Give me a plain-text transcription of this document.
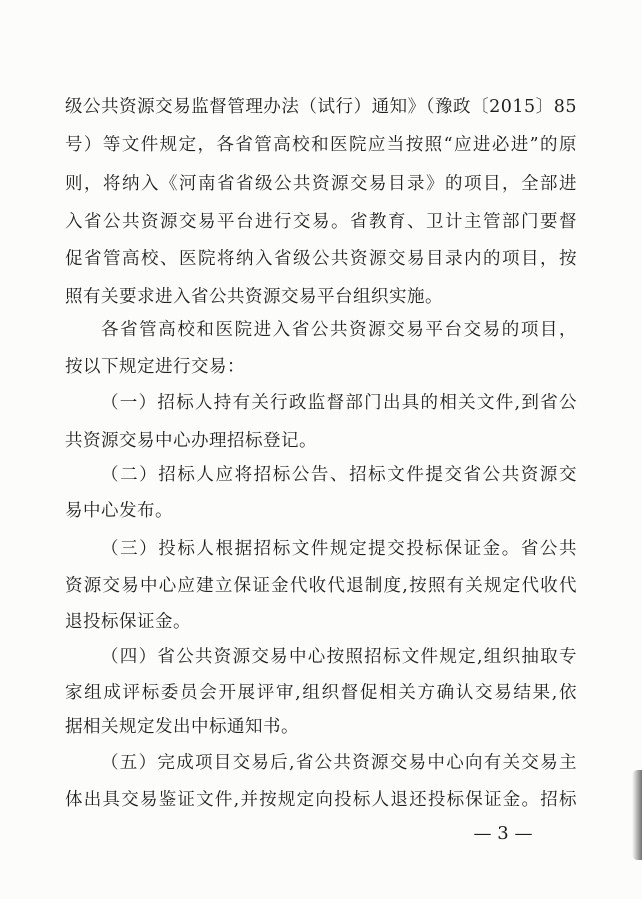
级公共资源交易监督管理办法（试行）通知》（豫政〔2015〕85
号）等文件规定，各省管高校和医院应当按照“应进必进”的原
则，将纳入《河南省省级公共资源交易目录》的项目，全部进
入省公共资源交易平台进行交易。省教育、卫计主管部门要督
促省管高校、医院将纳入省级公共资源交易目录内的项目，按
照有关要求进入省公共资源交易平台组织实施。
各省管高校和医院进入省公共资源交易平台交易的项目，
按以下规定进行交易：
（一）招标人持有关行政监督部门出具的相关文件,到省公
共资源交易中心办理招标登记。
（二）招标人应将招标公告、招标文件提交省公共资源交
易中心发布。
（三）投标人根据招标文件规定提交投标保证金。省公共
资源交易中心应建立保证金代收代退制度,按照有关规定代收代
退投标保证金。
（四）省公共资源交易中心按照招标文件规定,组织抽取专
家组成评标委员会开展评审,组织督促相关方确认交易结果,依
据相关规定发出中标通知书。
（五）完成项目交易后,省公共资源交易中心向有关交易主
体出具交易鉴证文件,并按规定向投标人退还投标保证金。招标
— 3 —
